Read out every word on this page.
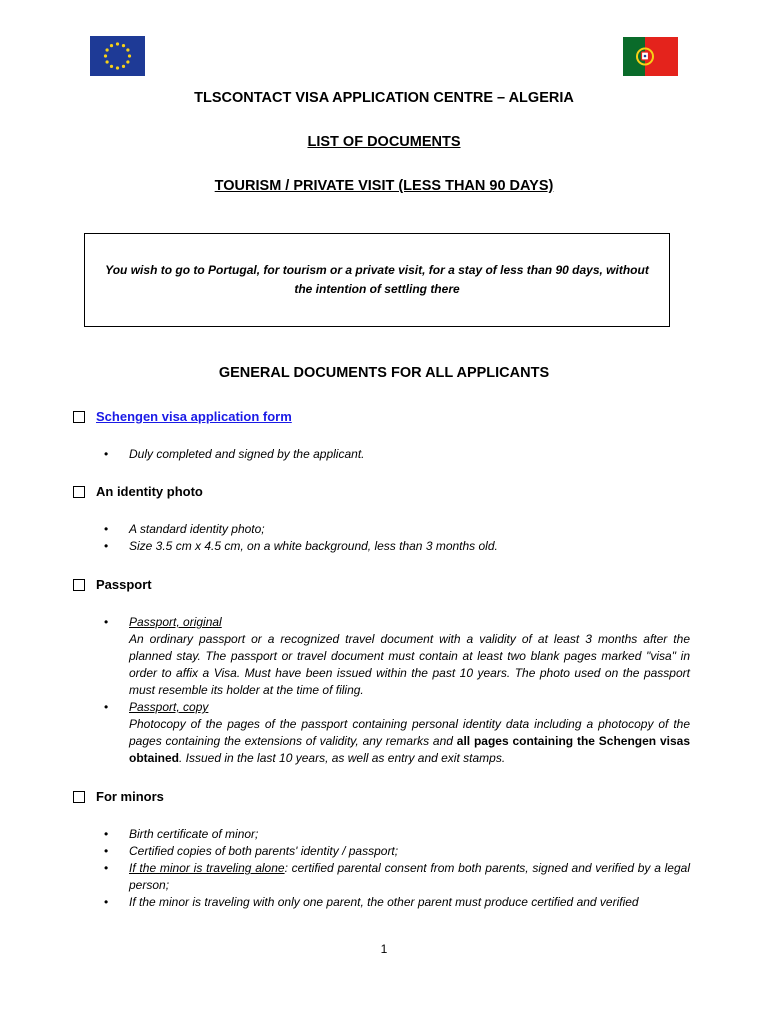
TLSCONTACT VISA APPLICATION CENTRE – ALGERIA
LIST OF DOCUMENTS
TOURISM / PRIVATE VISIT (LESS THAN 90 DAYS)
You wish to go to Portugal, for tourism or a private visit, for a stay of less than 90 days, without the intention of settling there
GENERAL DOCUMENTS FOR ALL APPLICANTS
Schengen visa application form
• Duly completed and signed by the applicant.
An identity photo
• A standard identity photo;
• Size 3.5 cm x 4.5 cm, on a white background, less than 3 months old.
Passport
• Passport, original
An ordinary passport or a recognized travel document with a validity of at least 3 months after the planned stay. The passport or travel document must contain at least two blank pages marked "visa" in order to affix a Visa. Must have been issued within the past 10 years. The photo used on the passport must resemble its holder at the time of filing.
• Passport, copy
Photocopy of the pages of the passport containing personal identity data including a photocopy of the pages containing the extensions of validity, any remarks and all pages containing the Schengen visas obtained. Issued in the last 10 years, as well as entry and exit stamps.
For minors
• Birth certificate of minor;
• Certified copies of both parents' identity / passport;
• If the minor is traveling alone: certified parental consent from both parents, signed and verified by a legal person;
• If the minor is traveling with only one parent, the other parent must produce certified and verified
1
